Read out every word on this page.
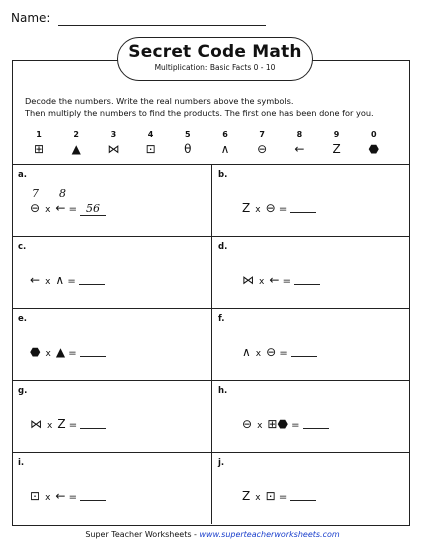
Name:
Secret Code Math
Multiplication: Basic Facts 0 - 10
Decode the numbers. Write the real numbers above the symbols.
Then multiply the numbers to find the products. The first one has been done for you.
1
⊞
2
▲
3
⋈
4
⊡
5
θ
6
∧
7
⊖
8
←
9
Z
0
⬣
a.
7 8
⊖ x ← = 56
b.
Z x ⊖ =
c.
← x ∧ =
d.
⋈ x ← =
e.
⬣ x ▲ =
f.
∧ x ⊖ =
g.
⋈ x Z =
h.
⊖ x ⊞⬣ =
i.
⊡ x ← =
j.
Z x ⊡ =
Super Teacher Worksheets - www.superteacherworksheets.com
